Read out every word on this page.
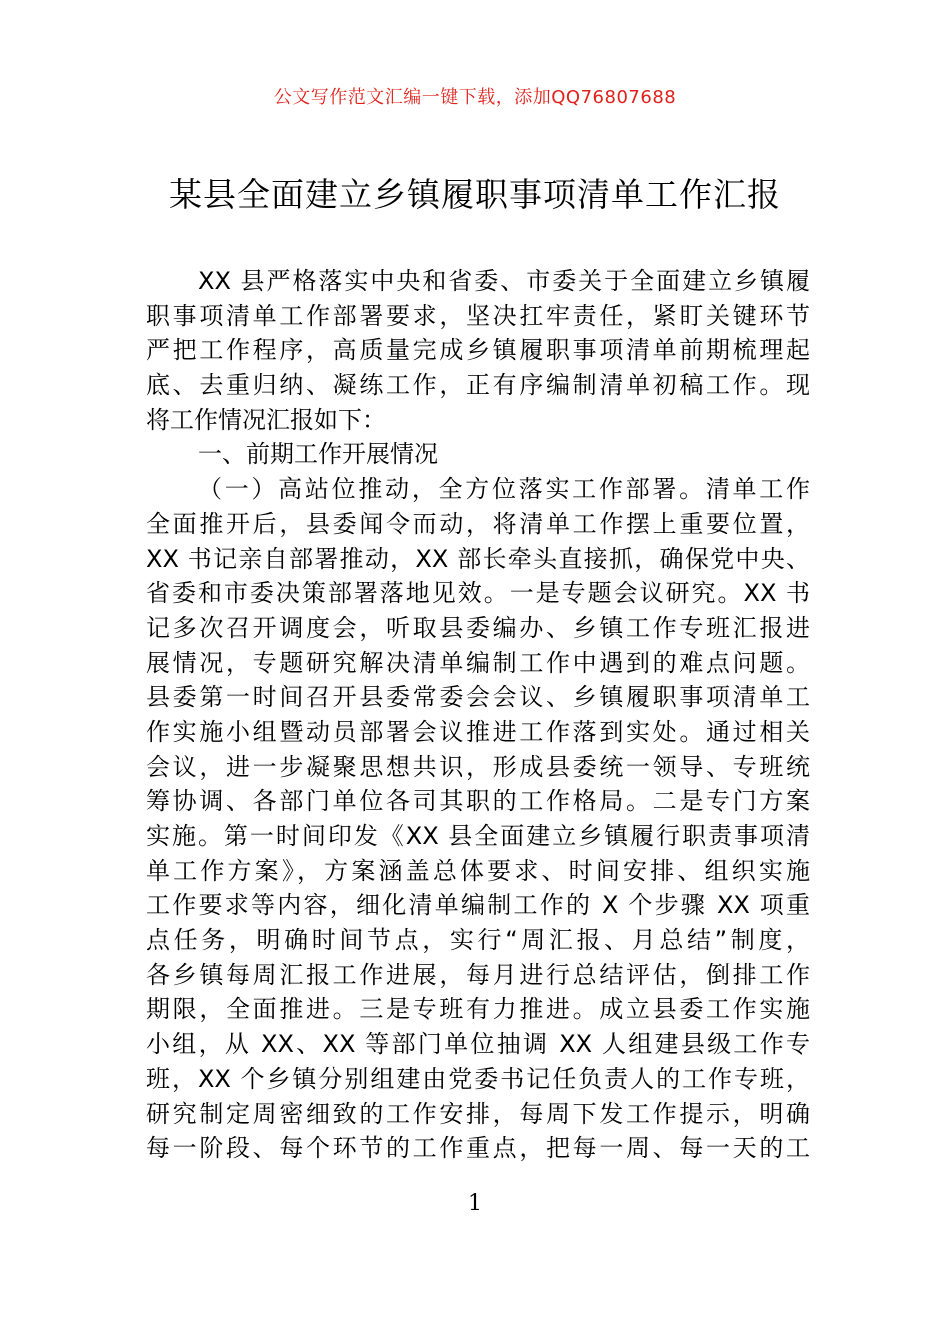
公文写作范文汇编一键下载，添加QQ76807688
某县全面建立乡镇履职事项清单工作汇报
XX 县严格落实中央和省委、市委关于全面建立乡镇履
职事项清单工作部署要求，坚决扛牢责任，紧盯关键环节
严把工作程序，高质量完成乡镇履职事项清单前期梳理起
底、去重归纳、凝练工作，正有序编制清单初稿工作。现
将工作情况汇报如下：
一、前期工作开展情况
（一）高站位推动，全方位落实工作部署。清单工作
全面推开后，县委闻令而动，将清单工作摆上重要位置，
XX 书记亲自部署推动，XX 部长牵头直接抓，确保党中央、
省委和市委决策部署落地见效。一是专题会议研究。XX 书
记多次召开调度会，听取县委编办、乡镇工作专班汇报进
展情况，专题研究解决清单编制工作中遇到的难点问题。
县委第一时间召开县委常委会会议、乡镇履职事项清单工
作实施小组暨动员部署会议推进工作落到实处。通过相关
会议，进一步凝聚思想共识，形成县委统一领导、专班统
筹协调、各部门单位各司其职的工作格局。二是专门方案
实施。第一时间印发《XX 县全面建立乡镇履行职责事项清
单工作方案》，方案涵盖总体要求、时间安排、组织实施
工作要求等内容，细化清单编制工作的 X 个步骤 XX 项重
点任务，明确时间节点，实行“周汇报、月总结”制度，
各乡镇每周汇报工作进展，每月进行总结评估，倒排工作
期限，全面推进。三是专班有力推进。成立县委工作实施
小组，从 XX、XX 等部门单位抽调 XX 人组建县级工作专
班，XX 个乡镇分别组建由党委书记任负责人的工作专班，
研究制定周密细致的工作安排，每周下发工作提示，明确
每一阶段、每个环节的工作重点，把每一周、每一天的工
1
